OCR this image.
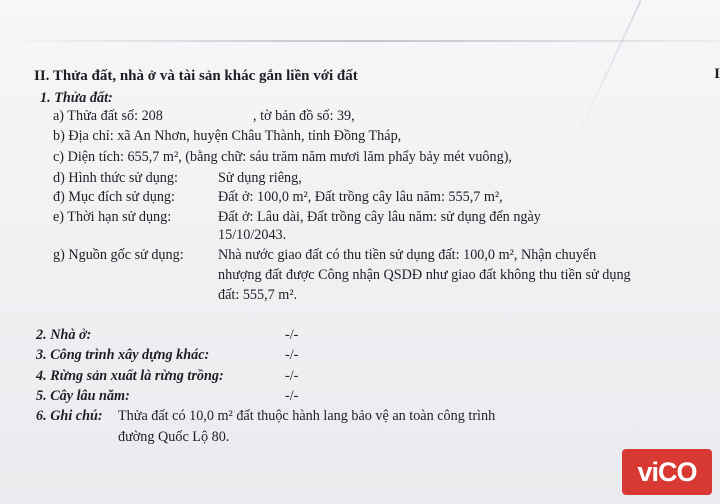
II. Thửa đất, nhà ở và tài sản khác gắn liền với đất	I
1. Thửa đất:
a) Thửa đất số: 208	, tờ bản đồ số: 39,
b) Địa chỉ: xã An Nhơn, huyện Châu Thành, tỉnh Đồng Tháp,
c) Diện tích: 655,7 m², (bằng chữ: sáu trăm năm mươi lăm phẩy bảy mét vuông),
d) Hình thức sử dụng:	Sử dụng riêng,
đ) Mục đích sử dụng:	Đất ở: 100,0 m², Đất trồng cây lâu năm: 555,7 m²,
e) Thời hạn sử dụng:	Đất ở: Lâu dài, Đất trồng cây lâu năm: sử dụng đến ngày
15/10/2043.
g) Nguồn gốc sử dụng: Nhà nước giao đất có thu tiền sử dụng đất: 100,0 m², Nhận chuyển
nhượng đất được Công nhận QSDĐ như giao đất không thu tiền sử dụng
đất: 555,7 m².
2. Nhà ở:	-/-
3. Công trình xây dựng khác:	-/-
4. Rừng sản xuất là rừng trồng:	-/-
5. Cây lâu năm:	-/-
6. Ghi chú: Thửa đất có 10,0 m² đất thuộc hành lang bảo vệ an toàn công trình
đường Quốc Lộ 80.
viCO
